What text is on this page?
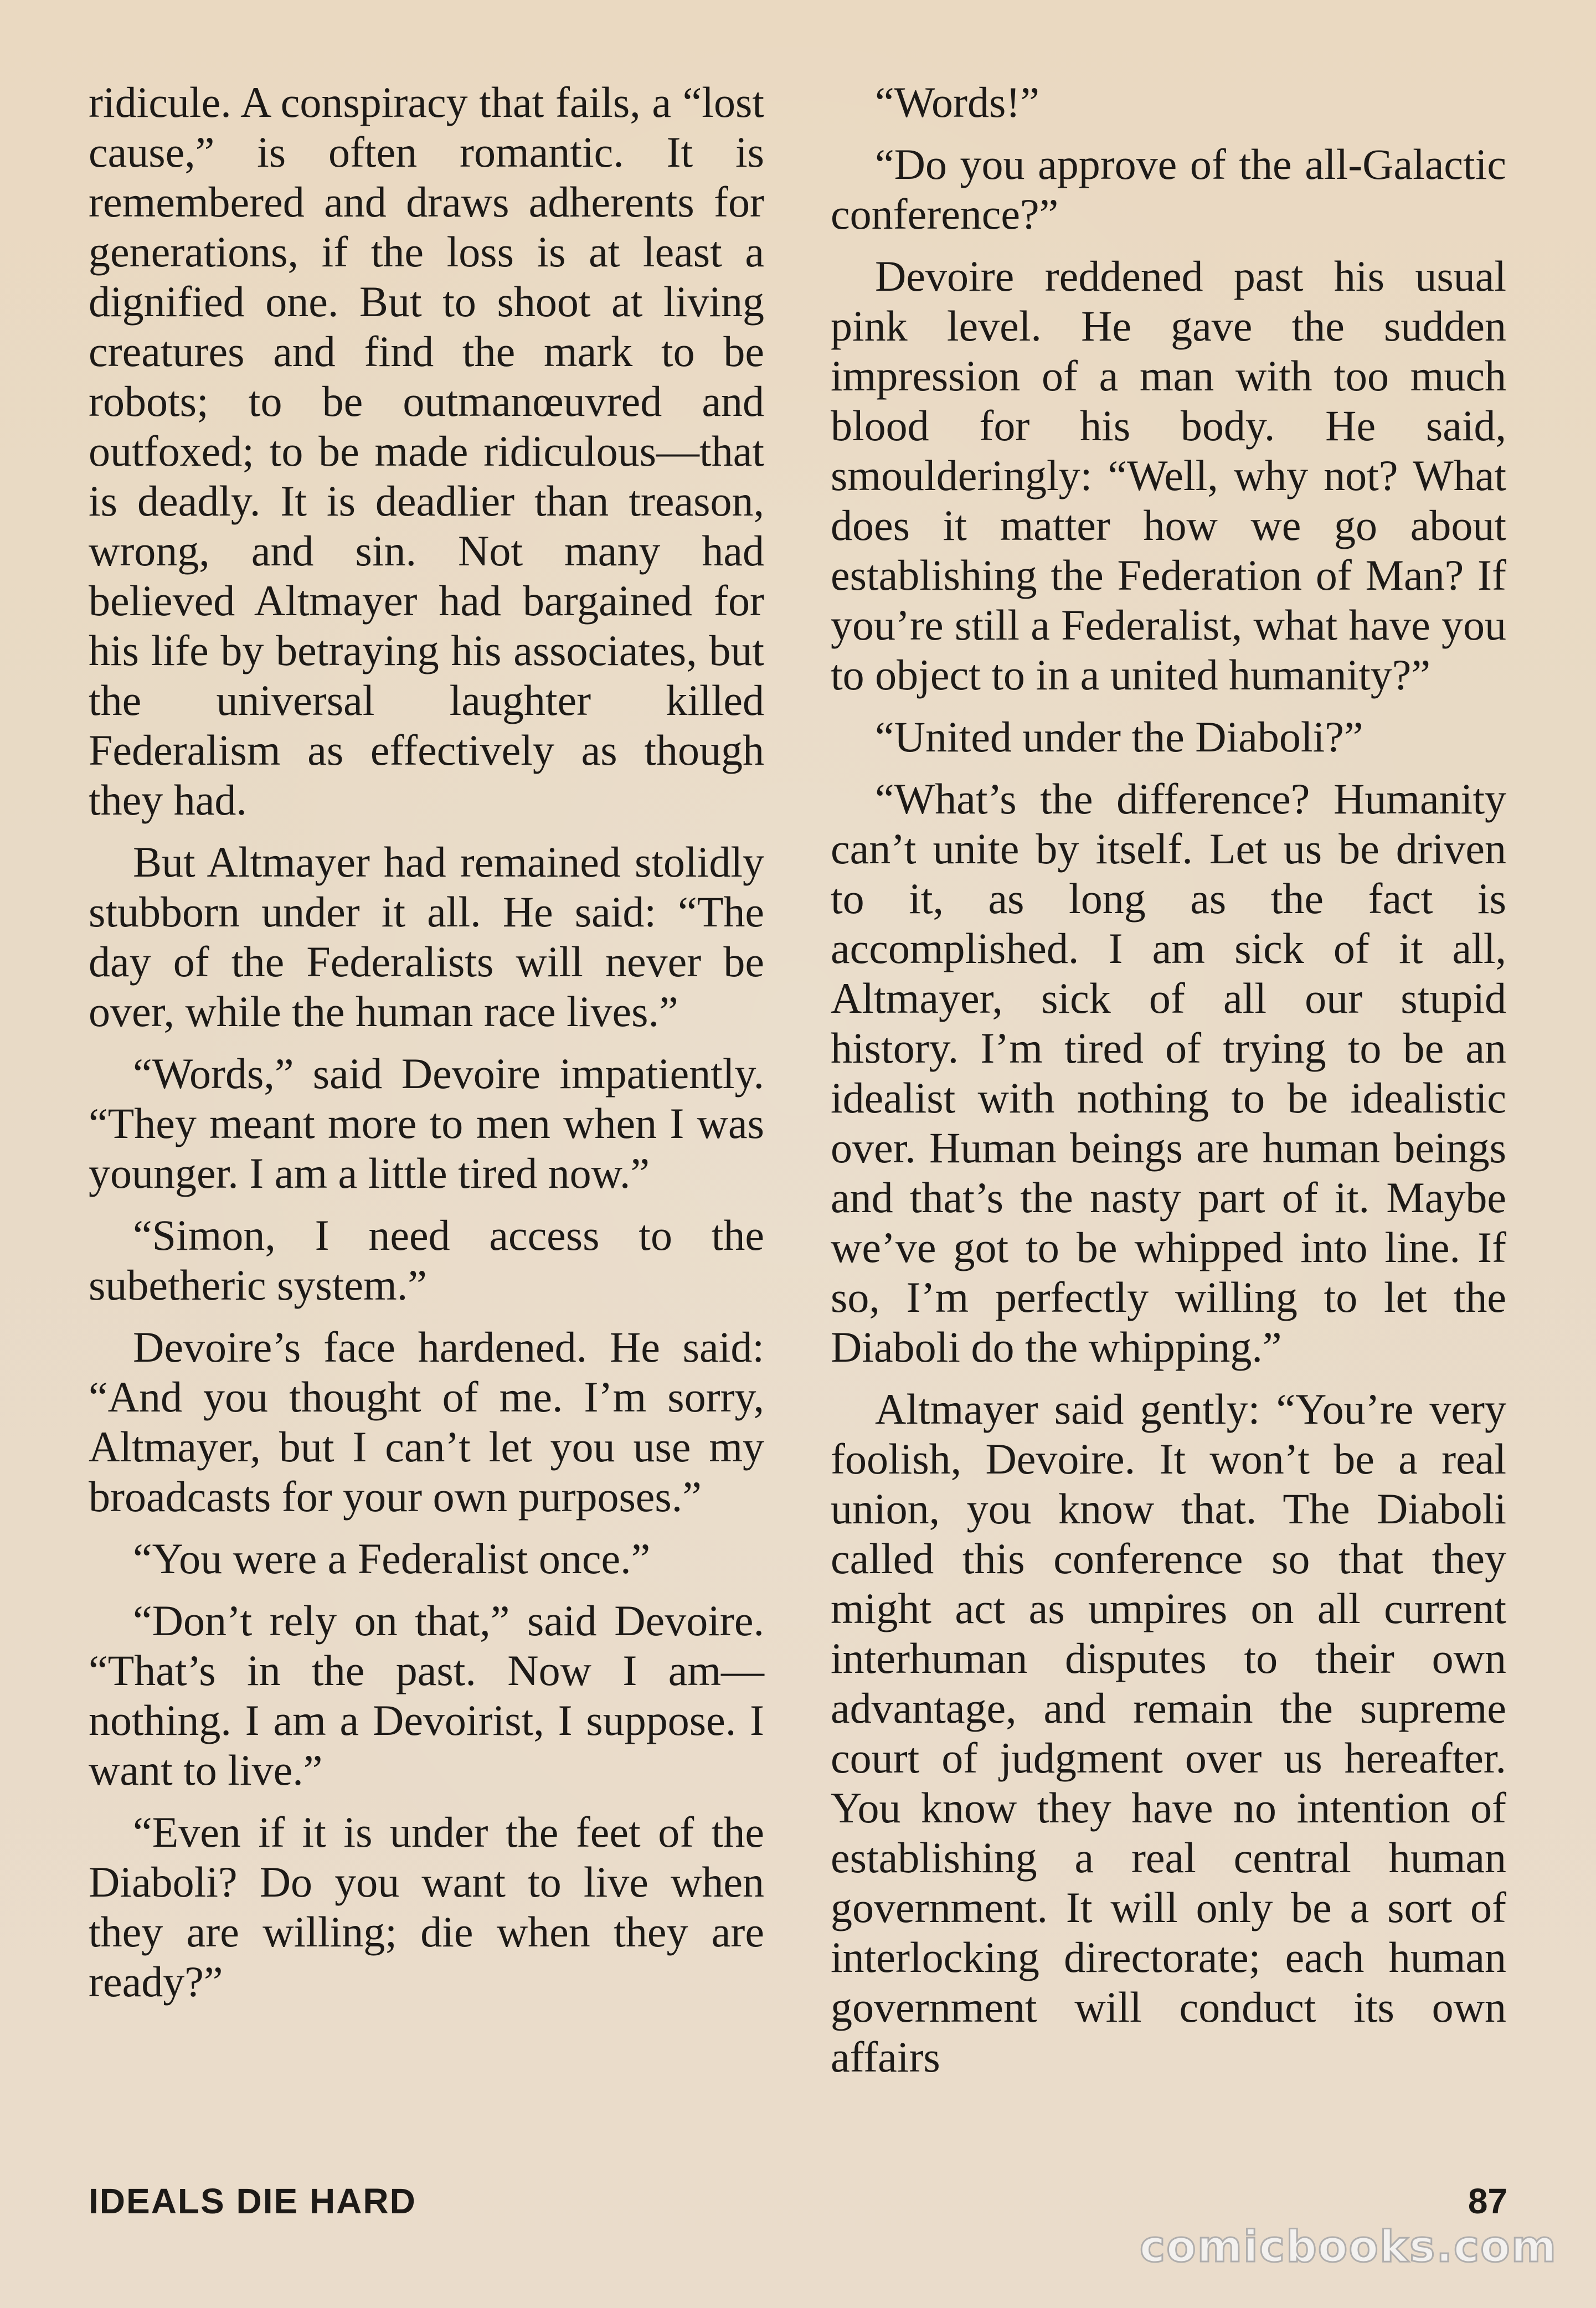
ridicule. A conspiracy that fails, a “lost cause,” is often romantic. It is remembered and draws adherents for generations, if the loss is at least a dignified one. But to shoot at living creatures and find the mark to be robots; to be outmanœuvred and outfoxed; to be made ridiculous—that is deadly. It is deadlier than treason, wrong, and sin. Not many had believed Altmayer had bargained for his life by betraying his associates, but the universal laughter killed Federalism as effectively as though they had.

But Altmayer had remained stolidly stubborn under it all. He said: “The day of the Federalists will never be over, while the human race lives.”

“Words,” said Devoire impatiently. “They meant more to men when I was younger. I am a little tired now.”

“Simon, I need access to the subetheric system.”

Devoire’s face hardened. He said: “And you thought of me. I’m sorry, Altmayer, but I can’t let you use my broadcasts for your own purposes.”

“You were a Federalist once.”

“Don’t rely on that,” said Devoire. “That’s in the past. Now I am—nothing. I am a Devoirist, I suppose. I want to live.”

“Even if it is under the feet of the Diaboli? Do you want to live when they are willing; die when they are ready?”

“Words!”

“Do you approve of the all-Galactic conference?”

Devoire reddened past his usual pink level. He gave the sudden impression of a man with too much blood for his body. He said, smoulderingly: “Well, why not? What does it matter how we go about establishing the Federation of Man? If you’re still a Federalist, what have you to object to in a united humanity?”

“United under the Diaboli?”

“What’s the difference? Humanity can’t unite by itself. Let us be driven to it, as long as the fact is accomplished. I am sick of it all, Altmayer, sick of all our stupid history. I’m tired of trying to be an idealist with nothing to be idealistic over. Human beings are human beings and that’s the nasty part of it. Maybe we’ve got to be whipped into line. If so, I’m perfectly willing to let the Diaboli do the whipping.”

Altmayer said gently: “You’re very foolish, Devoire. It won’t be a real union, you know that. The Diaboli called this conference so that they might act as umpires on all current interhuman disputes to their own advantage, and remain the supreme court of judgment over us hereafter. You know they have no intention of establishing a real central human government. It will only be a sort of interlocking directorate; each human government will conduct its own affairs

IDEALS DIE HARD	87
comicbooks.com
